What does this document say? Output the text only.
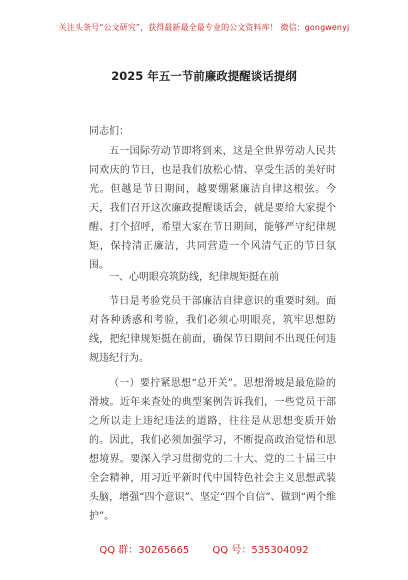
关注头条号“公文研究”，获得最新最全最专业的公文资料库！ 微信：gongwenyj
2025 年五一节前廉政提醒谈话提纲
同志们：
五一国际劳动节即将到来，这是全世界劳动人民共同欢庆的节日，也是我们放松心情、享受生活的美好时光。但越是节日期间，越要绷紧廉洁自律这根弦。今天，我们召开这次廉政提醒谈话会，就是要给大家提个醒、打个招呼，希望大家在节日期间，能够严守纪律规矩，保持清正廉洁，共同营造一个风清气正的节日氛围。
一、心明眼亮筑防线，纪律规矩挺在前
节日是考验党员干部廉洁自律意识的重要时刻。面对各种诱惑和考验，我们必须心明眼亮，筑牢思想防线，把纪律规矩挺在前面，确保节日期间不出现任何违规违纪行为。
（一）要拧紧思想“总开关”。思想滑坡是最危险的滑坡。近年来查处的典型案例告诉我们，一些党员干部之所以走上违纪违法的道路，往往是从思想变质开始的。因此，我们必须加强学习，不断提高政治觉悟和思想境界。要深入学习贯彻党的二十大、党的二十届三中全会精神，用习近平新时代中国特色社会主义思想武装头脑，增强“四个意识”、坚定“四个自信”、做到“两个维护”。
QQ 群：30265665 QQ 号：535304092
